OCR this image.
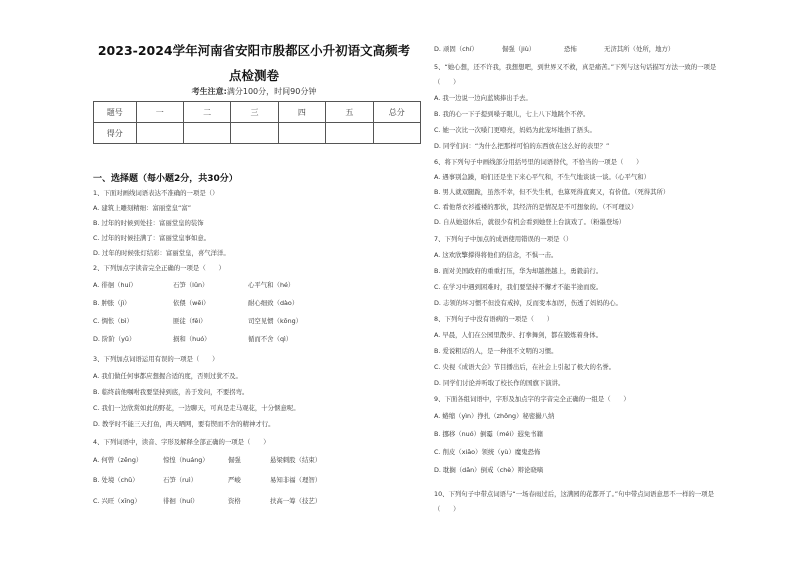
2023-2024学年河南省安阳市殷都区小升初语文高频考点检测卷
考生注意:满分100分，时间90分钟
题号	一	二	三	四	五	总分
得分						
一、选择题（每小题2分，共30分）
1、下面对画线词语表达不准确的一项是（）
A. 建筑上雕刻精细：富丽堂皇“富”
B. 过年的时候到处挂：富丽堂皇的装饰
C. 过年的时候挂满了：富丽堂皇事如意。
D. 过年的时候张灯结彩：富丽堂皇，喜气洋洋。
2、下列加点字读音完全正确的一项是（　　）
A. 徘徊（huí）	石笋（lǔn）	心平气和（hé）
B. 肿胀（jì）	依偎（wēi）	耐心细致（dào）
C. 惆怅（bì）	匪徒（fěi）	司空见惯（kōng）
D. 阶阶（yǔ）	损和（huó）	循而不舍（qì）
3、下列加点词语运用有误的一项是（　　）
A. 我们做任何事都应想握合适的度，否则过犹不及。
B. 临终前他嘱咐我要坚持到底，善于发问，不要拐弯。
C. 我们一边欣赏如此的野花，一边聊天，可真是走马观花，十分惬意呢。
D. 教学时不能三天打鱼，两天晒网，要有锲而不舍的精神才行。
4、下列词语中，读音、字形及解释全部正确的一项是（　　）
A. 何曾（zēng）	惊惶（huáng）	倔强	悬梁刺股（结束）
B. 处境（chǔ）	石笋（ruì）	严峻	易知非福（理智）
C. 兴旺（xīng）	徘徊（huí）	资格	扶高一筹（技艺）
D. 顽固（chí）	倔强（jiù）	恐怖	无济其所（处所，地方）
5、“她心想，还不许我，我想想吧，到世界又不救，真是痛苦。”下列与这句话描写方法一致的一项是
（　　）
A. 我一边说一边向蓝姨捧出手去。
B. 我的心一下子提到嗓子眼儿，七上八下地跳个不停。
C. 她一次比一次嗓门更嘹亮，妈妈为此宠坏地捂了捂头。
D. 同学们问：“为什么把那样可怕的东西放在这么好的表里？”
6、将下列句子中画线部分用括号里的词语替代，不恰当的一项是（　　）
A. 遇事别急躁，咱们还是坐下来心平气和，不生气地谈谈一谈。（心平气和）
B. 男人就双腿跪，虽然不幸，但不失生机，也算死得直爽又，有价值。（死得其所）
C. 看他帮衣衫褴褛的那伙，其经济的是情况是不可想象的。（不可理议）
D. 自从她退休后，就很少有机会看到她登上台演戏了。（粉墨登场）
7、下列句子中加点的成语使用错误的一项是（）
A. 这欢欣擎撑得将他们的信念，不惧一击。
B. 面对美国政府的重重打压，华为却越挫越上，勇毅前行。
C. 在学习中遇到困难时，我们要坚持不懈才不能半途而废。
D. 志领的坏习惯不但没有戒掉，反而变本加厉，伤透了妈妈的心。
8、下列句子中没有语病的一项是（　　）
A. 早晨，人们在公园里散步、打拳舞剑，都在锻炼着身体。
B. 爱说粗话的人，是一种很不文明的习惯。
C. 央视《成语大会》节目播出后，在社会上引起了极大的名誉。
D. 同学们讨论并听取了校长作的国旗下演讲。
9、下面各组词语中，字形及加点字的字音完全正确的一组是（　　）
A. 蜷缩（yìn）挣扎（zhōng）秘密撮八纳
B. 挪移（nuó）倒霉（méi）遐免书籍
C. 削皮（xiāo）领统（yù）魔鬼恐怖
D. 耽搁（dān）倒戒（chè）辩论晓嘀
10、下列句子中带点词语与“一场春雨过后，这满园的花都开了。”句中带点词语意思不一样的一项是
（　　）
